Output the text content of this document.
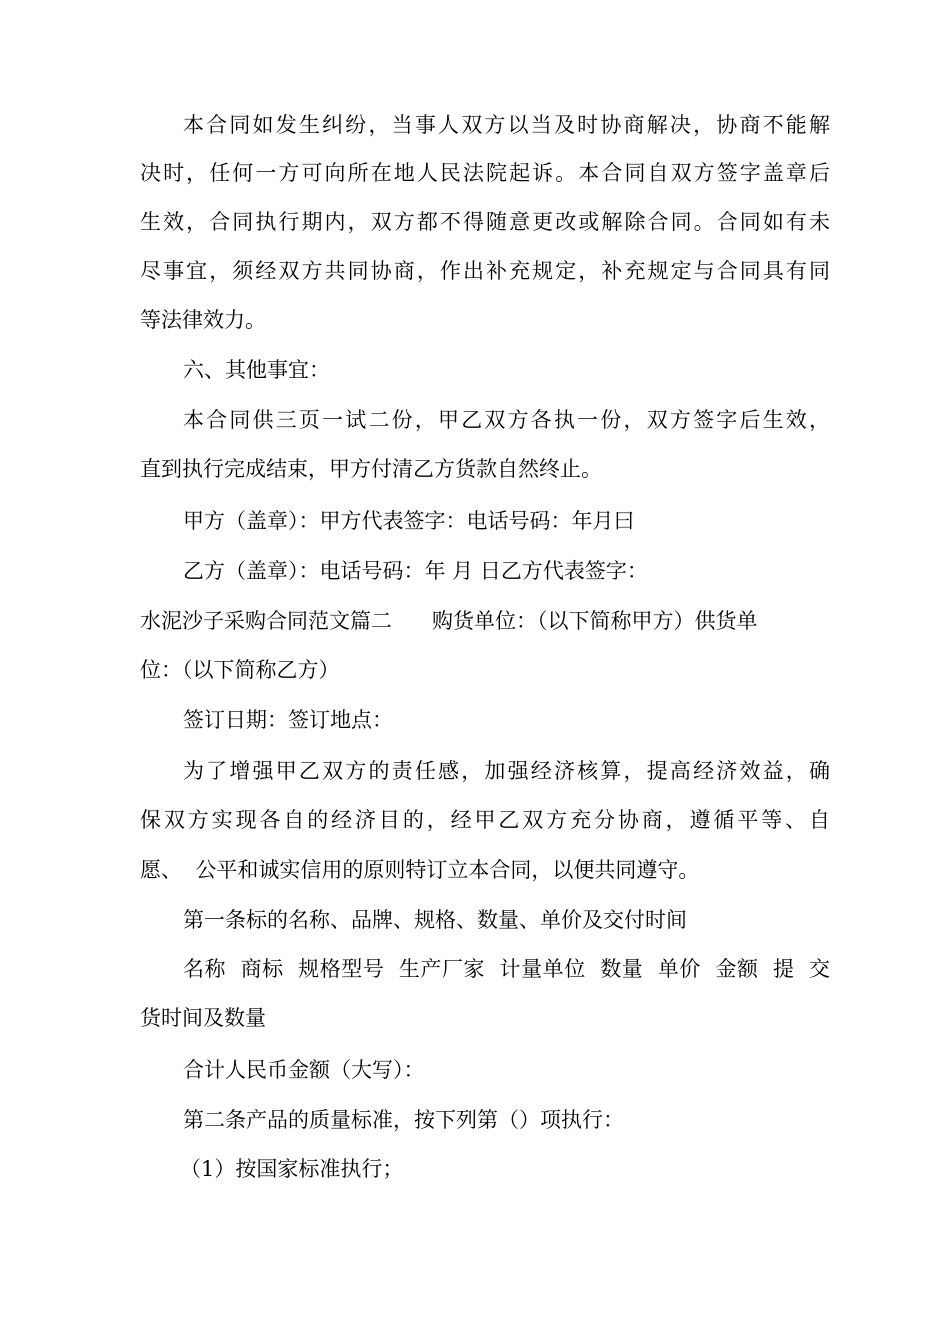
本合同如发生纠纷，当事人双方以当及时协商解决，协商不能解
决时，任何一方可向所在地人民法院起诉。本合同自双方签字盖章后
生效，合同执行期内，双方都不得随意更改或解除合同。合同如有未
尽事宜，须经双方共同协商，作出补充规定，补充规定与合同具有同
等法律效力。
六、其他事宜：
本合同供三页一试二份，甲乙双方各执一份，双方签字后生效，
直到执行完成结束，甲方付清乙方货款自然终止。
甲方（盖章）：甲方代表签字：电话号码：年月曰
乙方（盖章）：电话号码：年 月 日乙方代表签字：
水泥沙子采购合同范文篇二      购货单位：（以下简称甲方）供货单
位：（以下简称乙方）
签订日期：签订地点：
为了增强甲乙双方的责任感，加强经济核算，提高经济效益，确
保双方实现各自的经济目的，经甲乙双方充分协商，遵循平等、自
愿、  公平和诚实信用的原则特订立本合同，以便共同遵守。
第一条标的名称、品牌、规格、数量、单价及交付时间
名称  商标  规格型号  生产厂家  计量单位  数量  单价  金额  提  交
货时间及数量
合计人民币金额（大写）：
第二条产品的质量标准，按下列第（）项执行：
（1）按国家标准执行；
